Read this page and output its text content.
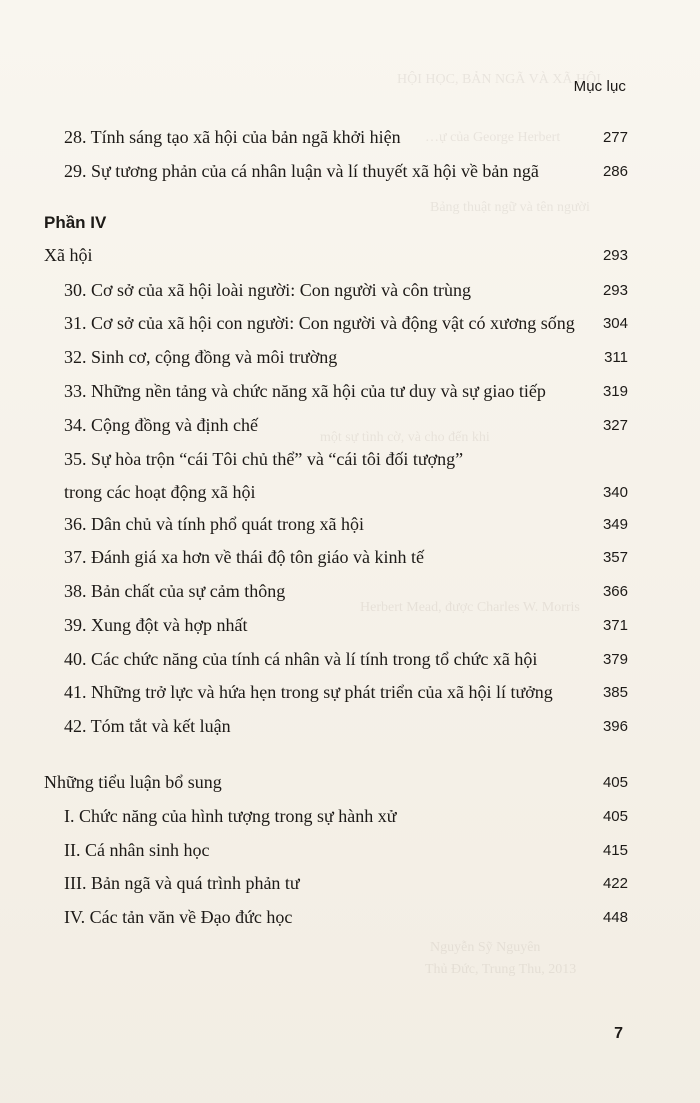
HỘI HỌC, BẢN NGÃ VÀ XÃ HỘI
…ự của George Herbert
Bảng thuật ngữ và tên người
một sự tình cờ, và cho đến khi
Herbert Mead, được Charles W. Morris
Nguyễn Sỹ Nguyên
Thủ Đức, Trung Thu, 2013
Mục lục
28. Tính sáng tạo xã hội của bản ngã khởi hiện	277
29. Sự tương phản của cá nhân luận và lí thuyết xã hội về bản ngã	286
Phần IV
Xã hội	293
30. Cơ sở của xã hội loài người: Con người và côn trùng	293
31. Cơ sở của xã hội con người: Con người và động vật có xương sống 304
32. Sinh cơ, cộng đồng và môi trường	311
33. Những nền tảng và chức năng xã hội của tư duy và sự giao tiếp	319
34. Cộng đồng và định chế	327
35. Sự hòa trộn “cái Tôi chủ thể” và “cái tôi đối tượng”
trong các hoạt động xã hội	340
36. Dân chủ và tính phổ quát trong xã hội	349
37. Đánh giá xa hơn về thái độ tôn giáo và kinh tế	357
38. Bản chất của sự cảm thông	366
39. Xung đột và hợp nhất	371
40. Các chức năng của tính cá nhân và lí tính trong tổ chức xã hội	379
41. Những trở lực và hứa hẹn trong sự phát triển của xã hội lí tưởng	385
42. Tóm tắt và kết luận	396
Những tiểu luận bổ sung	405
I. Chức năng của hình tượng trong sự hành xử	405
II. Cá nhân sinh học	415
III. Bản ngã và quá trình phản tư	422
IV. Các tản văn về Đạo đức học	448
7
